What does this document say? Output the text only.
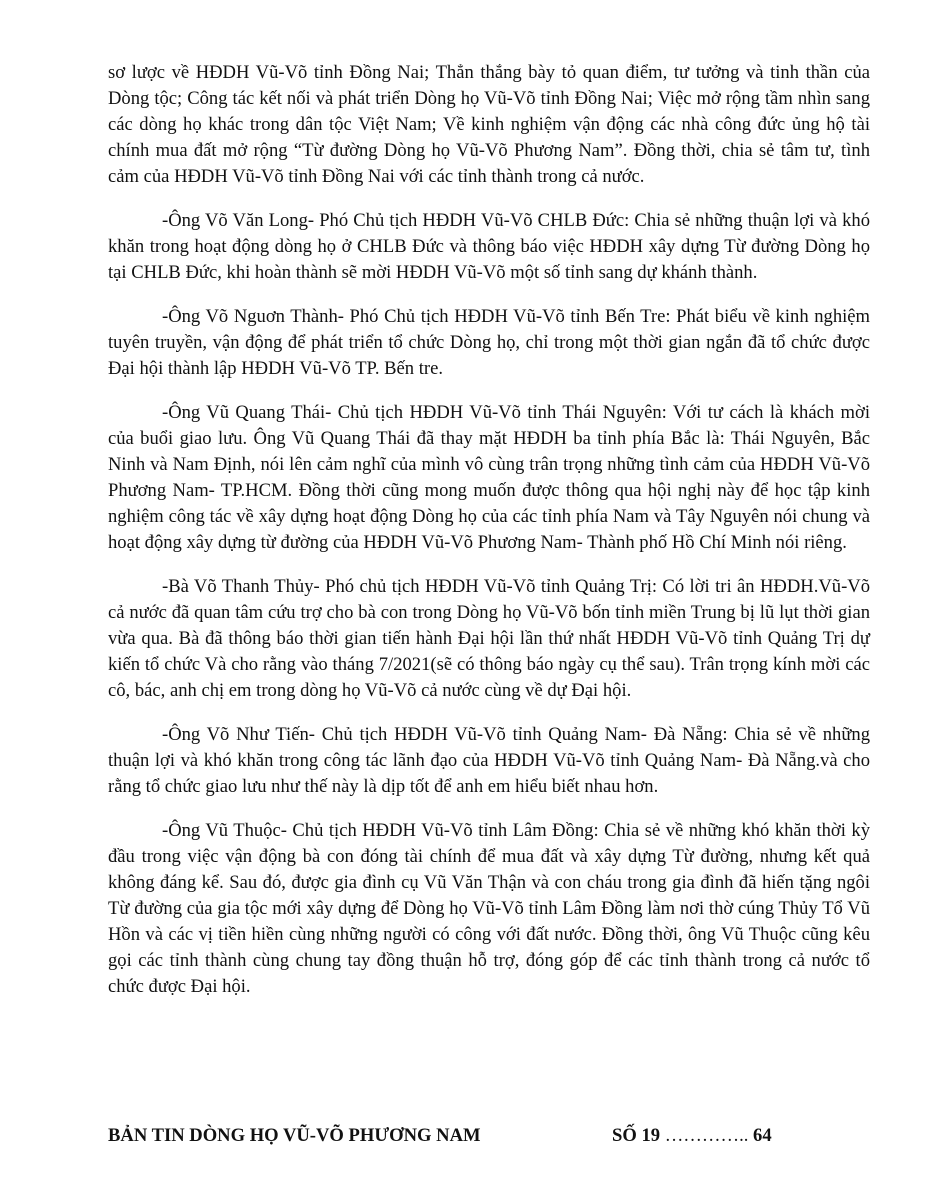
sơ lược về HĐDH Vũ-Võ tỉnh Đồng Nai; Thẳn thắng bày tỏ quan điểm, tư tưởng và tinh thần của Dòng tộc; Công tác kết nối và phát triển Dòng họ Vũ-Võ tỉnh Đồng Nai; Việc mở rộng tầm nhìn sang các dòng họ khác trong dân tộc Việt Nam; Về kinh nghiệm vận động các nhà công đức ủng hộ tài chính mua đất mở rộng “Từ đường Dòng họ Vũ-Võ Phương Nam”. Đồng thời, chia sẻ tâm tư, tình cảm của HĐDH Vũ-Võ tỉnh Đồng Nai với các tỉnh thành trong cả nước.

-Ông Võ Văn Long- Phó Chủ tịch HĐDH Vũ-Võ CHLB Đức: Chia sẻ những thuận lợi và khó khăn trong hoạt động dòng họ ở CHLB Đức và thông báo việc HĐDH xây dựng Từ đường Dòng họ tại CHLB Đức, khi hoàn thành sẽ mời HĐDH Vũ-Võ một số tỉnh sang dự khánh thành.

-Ông Võ Nguơn Thành- Phó Chủ tịch HĐDH Vũ-Võ tỉnh Bến Tre: Phát biểu về kinh nghiệm tuyên truyền, vận động để phát triển tổ chức Dòng họ, chỉ trong một thời gian ngắn đã tổ chức được Đại hội thành lập HĐDH Vũ-Võ TP. Bến tre.

-Ông Vũ Quang Thái- Chủ tịch HĐDH Vũ-Võ tỉnh Thái Nguyên: Với tư cách là khách mời của buổi giao lưu. Ông Vũ Quang Thái đã thay mặt HĐDH ba tỉnh phía Bắc là: Thái Nguyên, Bắc Ninh và Nam Định, nói lên cảm nghĩ của mình vô cùng trân trọng những tình cảm của HĐDH Vũ-Võ Phương Nam- TP.HCM. Đồng thời cũng mong muốn được thông qua hội nghị này để học tập kinh nghiệm công tác về xây dựng hoạt động Dòng họ của các tỉnh phía Nam và Tây Nguyên nói chung và hoạt động xây dựng từ đường của HĐDH Vũ-Võ Phương Nam- Thành phố Hồ Chí Minh nói riêng.

-Bà Võ Thanh Thủy- Phó chủ tịch HĐDH Vũ-Võ tỉnh Quảng Trị: Có lời tri ân HĐDH.Vũ-Võ cả nước đã quan tâm cứu trợ cho bà con trong Dòng họ Vũ-Võ bốn tỉnh miền Trung bị lũ lụt thời gian vừa qua. Bà đã thông báo thời gian tiến hành Đại hội lần thứ nhất HĐDH Vũ-Võ tỉnh Quảng Trị dự kiến tổ chức Và cho rằng vào tháng 7/2021(sẽ có thông báo ngày cụ thể sau). Trân trọng kính mời các cô, bác, anh chị em trong dòng họ Vũ-Võ cả nước cùng về dự Đại hội.

-Ông Võ Như Tiến- Chủ tịch HĐDH Vũ-Võ tỉnh Quảng Nam- Đà Nẵng: Chia sẻ về những thuận lợi và khó khăn trong công tác lãnh đạo của HĐDH Vũ-Võ tỉnh Quảng Nam- Đà Nẵng.và cho rằng tổ chức giao lưu như thế này là dịp tốt để anh em hiểu biết nhau hơn.

-Ông Vũ Thuộc- Chủ tịch HĐDH Vũ-Võ tỉnh Lâm Đồng: Chia sẻ về những khó khăn thời kỳ đầu trong việc vận động bà con đóng tài chính để mua đất và xây dựng Từ đường, nhưng kết quả không đáng kể. Sau đó, được gia đình cụ Vũ Văn Thận và con cháu trong gia đình đã hiến tặng ngôi Từ đường của gia tộc mới xây dựng để Dòng họ Vũ-Võ tỉnh Lâm Đồng làm nơi thờ cúng Thủy Tổ Vũ Hồn và các vị tiền hiền cùng những người có công với đất nước. Đồng thời, ông Vũ Thuộc cũng kêu gọi các tỉnh thành cùng chung tay đồng thuận hỗ trợ, đóng góp để các tỉnh thành trong cả nước tổ chức được Đại hội.

BẢN TIN DÒNG HỌ VŨ-VÕ PHƯƠNG NAM	SỐ 19 ………….. 64
